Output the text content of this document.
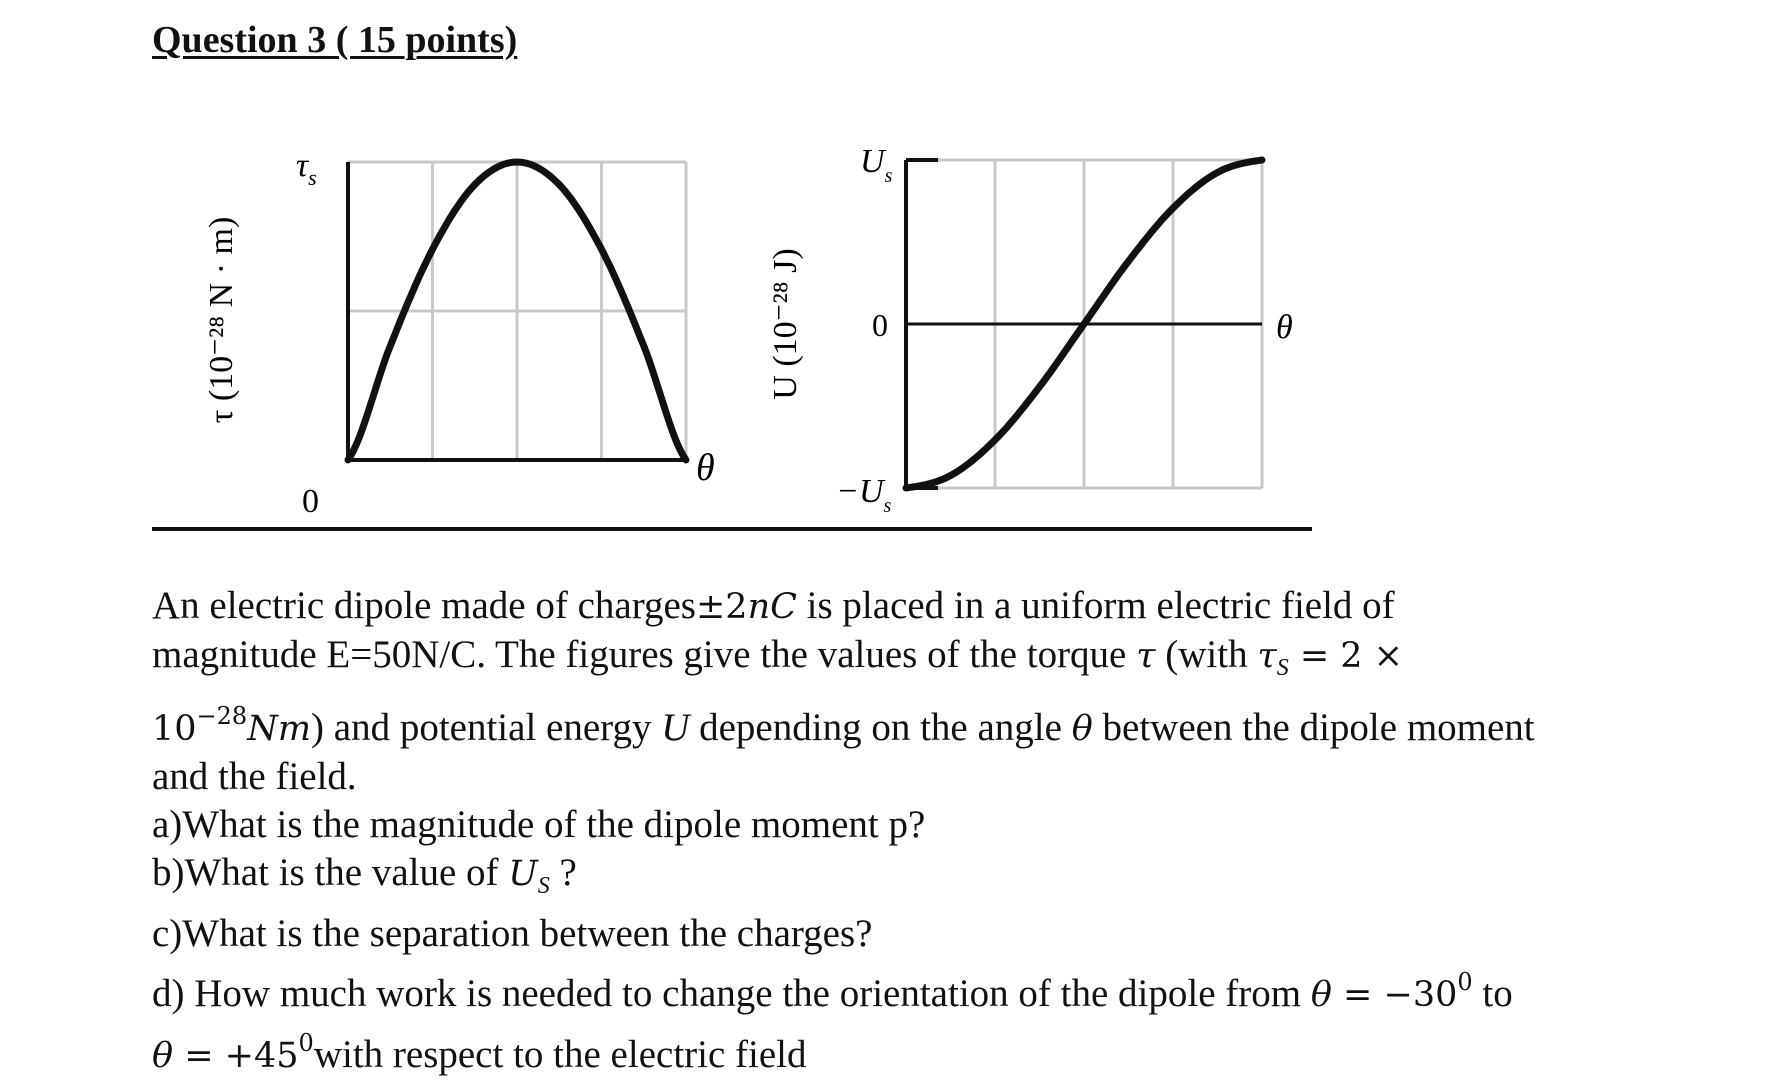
Question 3 ( 15 points)
τ (10⁻²⁸ N · m)
$\tau_s$
0
θ
U (10⁻²⁸ J)
$U_s$
0
$-U_s$
θ

An electric dipole made of charges±2nC is placed in a uniform electric field of

magnitude E=50N/C. The figures give the values of the torque τ (with $\tau_S = 2$ ×

$10^{-28}Nm$) and potential energy U depending on the angle θ between the dipole moment

and the field.

a)What is the magnitude of the dipole moment p?

b)What is the value of $U_S$ ?

c)What is the separation between the charges?

d) How much work is needed to change the orientation of the dipole from $\theta = -30^0$ to

$\theta = +45^0with$ respect to the electric field
